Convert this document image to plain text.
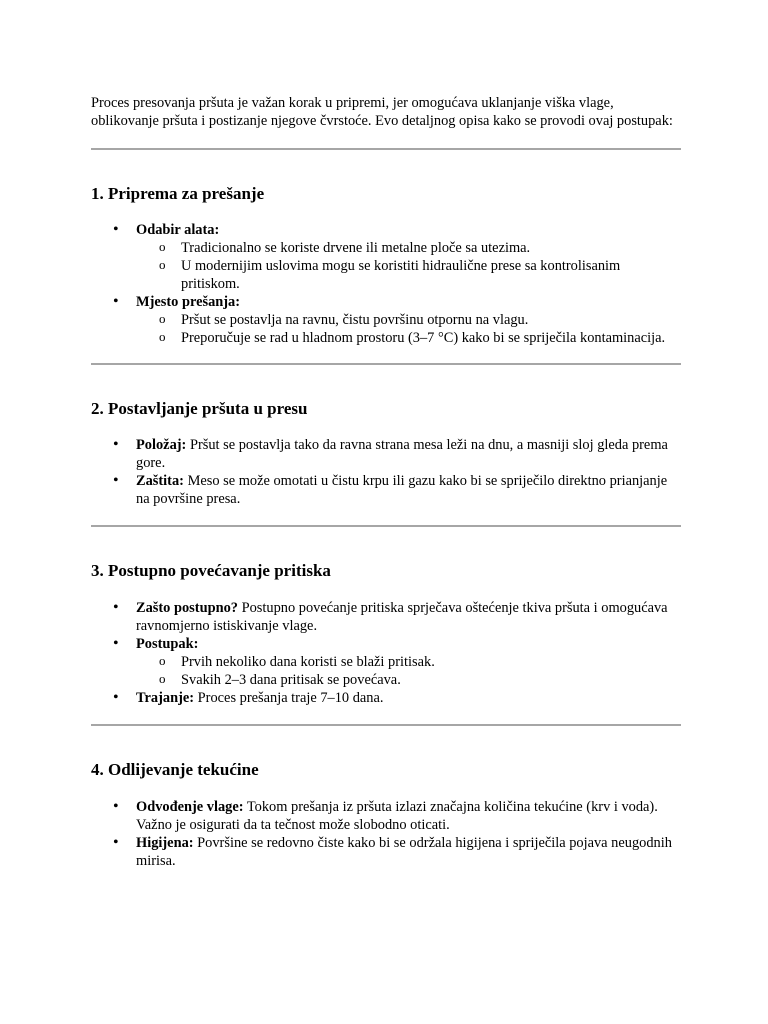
Proces presovanja pršuta je važan korak u pripremi, jer omogućava uklanjanje viška vlage, oblikovanje pršuta i postizanje njegove čvrstoće. Evo detaljnog opisa kako se provodi ovaj postupak:

1. Priprema za prešanje
• Odabir alata:
o Tradicionalno se koriste drvene ili metalne ploče sa utezima.
o U modernijim uslovima mogu se koristiti hidraulične prese sa kontrolisanim pritiskom.
• Mjesto prešanja:
o Pršut se postavlja na ravnu, čistu površinu otpornu na vlagu.
o Preporučuje se rad u hladnom prostoru (3–7 °C) kako bi se spriječila kontaminacija.
2. Postavljanje pršuta u presu
• Položaj: Pršut se postavlja tako da ravna strana mesa leži na dnu, a masniji sloj gleda prema gore.
• Zaštita: Meso se može omotati u čistu krpu ili gazu kako bi se spriječilo direktno prianjanje na površine presa.
3. Postupno povećavanje pritiska
• Zašto postupno? Postupno povećanje pritiska sprječava oštećenje tkiva pršuta i omogućava ravnomjerno istiskivanje vlage.
• Postupak:
o Prvih nekoliko dana koristi se blaži pritisak.
o Svakih 2–3 dana pritisak se povećava.
• Trajanje: Proces prešanja traje 7–10 dana.
4. Odlijevanje tekućine
• Odvođenje vlage: Tokom prešanja iz pršuta izlazi značajna količina tekućine (krv i voda). Važno je osigurati da ta tečnost može slobodno oticati.
• Higijena: Površine se redovno čiste kako bi se održala higijena i spriječila pojava neugodnih mirisa.
